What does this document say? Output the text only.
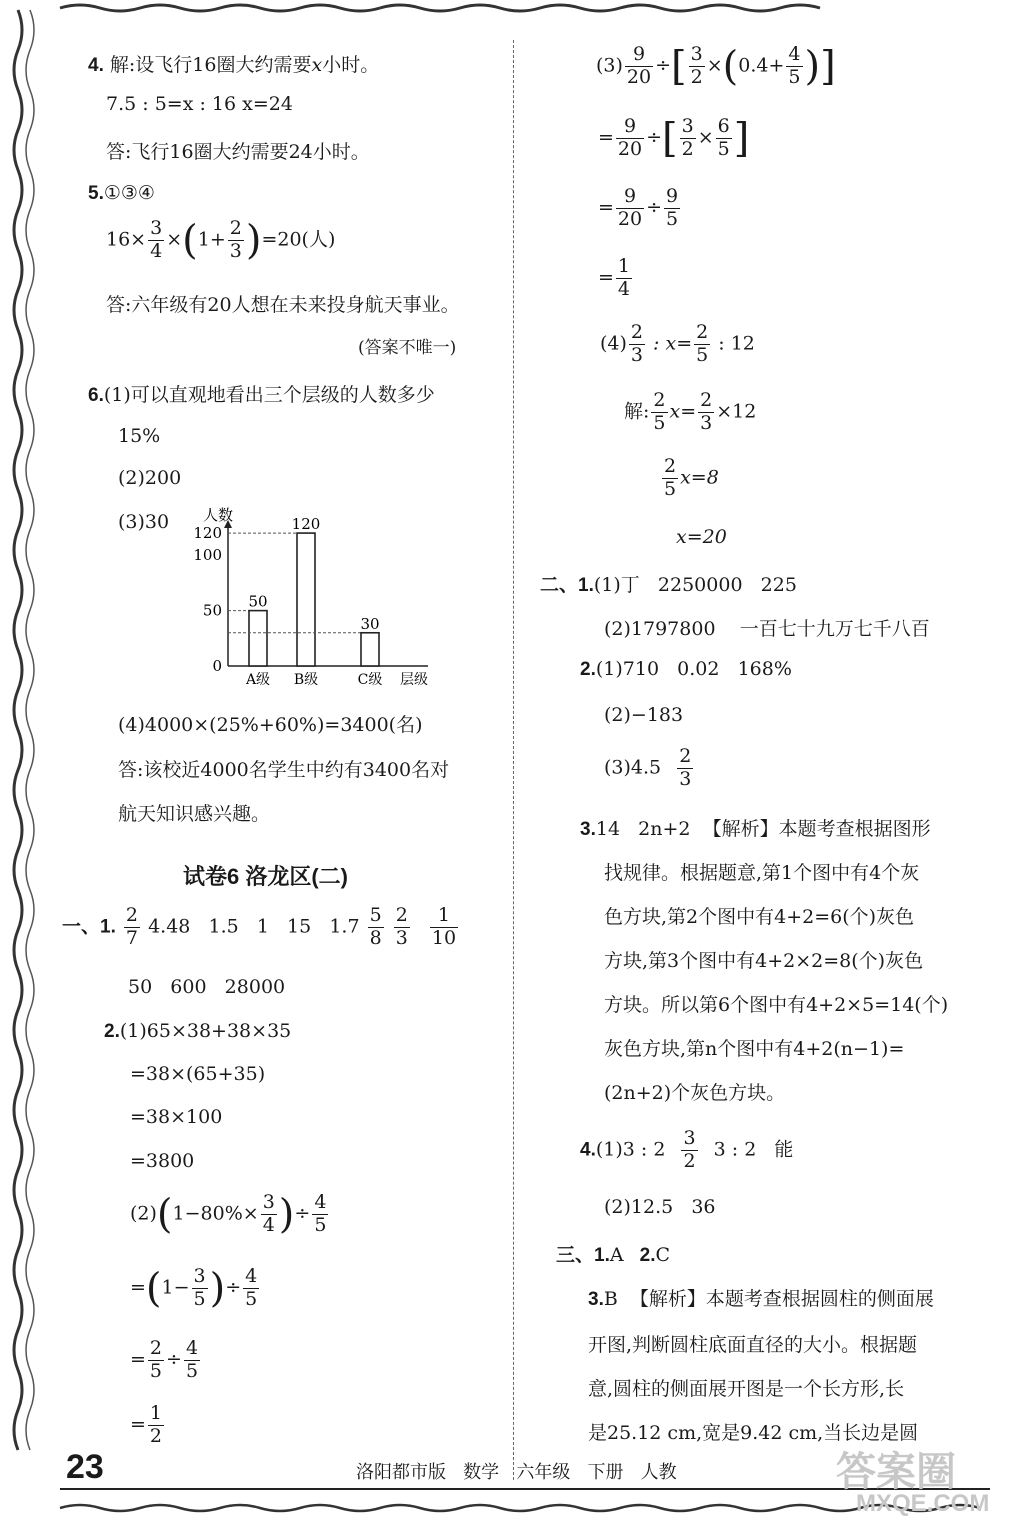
4. 解:设飞行16圈大约需要x小时。
7.5 : 5=x : 16 x=24
答:飞行16圈大约需要24小时。
5.①③④
$16\times \frac{3}{4} \times(1+ \frac{2}{3} )=20$(人)
答:六年级有20人想在未来投身航天事业。
(答案不唯一)
6.(1)可以直观地看出三个层级的人数多少
15%
(2)200
(3)30 人数
层级
0
50
100
120
50
A级
120
B级
30
C级
(4)4000×(25%+60%)=3400(名)
答:该校近4000名学生中约有3400名对
航天知识感兴趣。
试卷6 洛龙区(二)
一、1. $\frac{2}{7} 4.48$   1.5   1   15   $1.7 \frac{5}{8}$
$\frac{2}{3}$
$\frac{1}{10}$
50   600   28000
2.(1)65×38+38×35
=38×(65+35)
=38×100
=3800
$(2)(1-80\%\times \frac{3}{4}$ )÷ $\frac{4}{5}$
$=(1- \frac{3}{5}$ )÷ $\frac{4}{5}$
= $\frac{2}{5} \div \frac{4}{5}$
= $\frac{1}{2}$
$(3) \frac{9}{20}$ ÷[ $\frac{3}{2} \times(0.4+ \frac{4}{5}$ )]
= $\frac{9}{20}$ ÷[ $\frac{3}{2} \times \frac{6}{5}$ ]
= $\frac{9}{20} \div \frac{9}{5}$
= $\frac{1}{4}$
$(4) \frac{2}{3}$ : $x= \frac{2}{5}$ : 12
解: $\frac{2}{5} x= \frac{2}{3} \times 12$
$\frac{2}{5} x=8$
x=20
二、1.(1)丁   2250000   225
(2)1797800    一百七十九万七千八百
2.(1)710   0.02   168%
(2)−183
$(3)4.5 \frac{2}{3}$
3.14   2n+2  【解析】本题考查根据图形
找规律。根据题意,第1个图中有4个灰
色方块,第2个图中有4+2=6(个)灰色
方块,第3个图中有4+2×2=8(个)灰色
方块。所以第6个图中有4+2×5=14(个)
灰色方块,第n个图中有4+2(n−1)=
(2n+2)个灰色方块。
4.(1)3 : $2 \frac{3}{2} 3$ : 2   能
(2)12.5   36
三、1.A 2.C
3.B  【解析】本题考查根据圆柱的侧面展
开图,判断圆柱底面直径的大小。根据题
意,圆柱的侧面展开图是一个长方形,长
是25.12 cm,宽是9.42 cm,当长边是圆
23	洛阳都市版   数学   六年级   下册   人教	答案圈
MXQE.COM
